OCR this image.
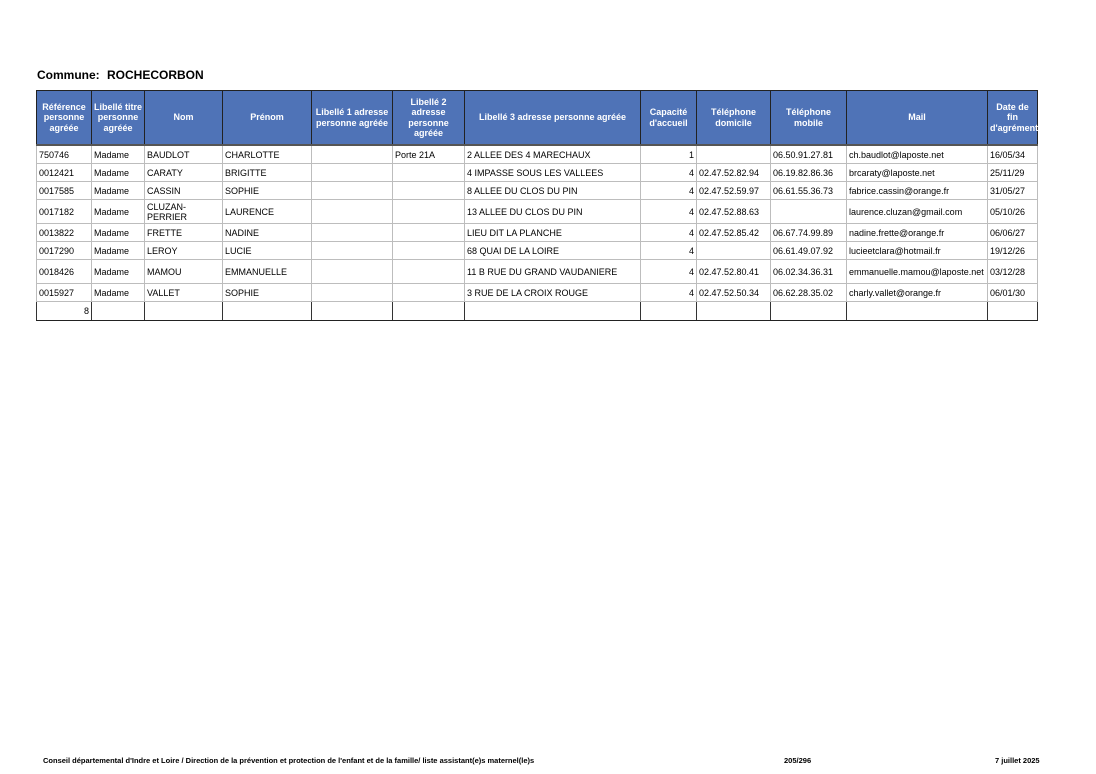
Commune: ROCHECORBON
Référence personne agréée	Libellé titre personne agréée	Nom	Prénom	Libellé 1 adresse personne agréée	Libellé 2 adresse personne agréée	Libellé 3 adresse personne agréée	Capacité d'accueil	Téléphone domicile	Téléphone mobile	Mail	Date de fin d'agrément
750746	Madame	BAUDLOT	CHARLOTTE		Porte 21A	2 ALLEE DES 4 MARECHAUX	1		06.50.91.27.81	ch.baudlot@laposte.net	16/05/34
0012421	Madame	CARATY	BRIGITTE			4 IMPASSE SOUS LES VALLEES	4	02.47.52.82.94	06.19.82.86.36	brcaraty@laposte.net	25/11/29
0017585	Madame	CASSIN	SOPHIE			8 ALLEE DU CLOS DU PIN	4	02.47.52.59.97	06.61.55.36.73	fabrice.cassin@orange.fr	31/05/27
0017182	Madame	CLUZAN-PERRIER	LAURENCE			13 ALLEE DU CLOS DU PIN	4	02.47.52.88.63		laurence.cluzan@gmail.com	05/10/26
0013822	Madame	FRETTE	NADINE			LIEU DIT LA PLANCHE	4	02.47.52.85.42	06.67.74.99.89	nadine.frette@orange.fr	06/06/27
0017290	Madame	LEROY	LUCIE			68 QUAI DE LA LOIRE	4		06.61.49.07.92	lucieetclara@hotmail.fr	19/12/26
0018426	Madame	MAMOU	EMMANUELLE			11 B RUE DU GRAND VAUDANIERE	4	02.47.52.80.41	06.02.34.36.31	emmanuelle.mamou@laposte.net	03/12/28
0015927	Madame	VALLET	SOPHIE			3 RUE DE LA CROIX ROUGE	4	02.47.52.50.34	06.62.28.35.02	charly.vallet@orange.fr	06/01/30
8											
Conseil départemental d'Indre et Loire / Direction de la prévention et protection de l'enfant et de la famille/ liste assistant(e)s maternel(le)s	205/296	7 juillet 2025
